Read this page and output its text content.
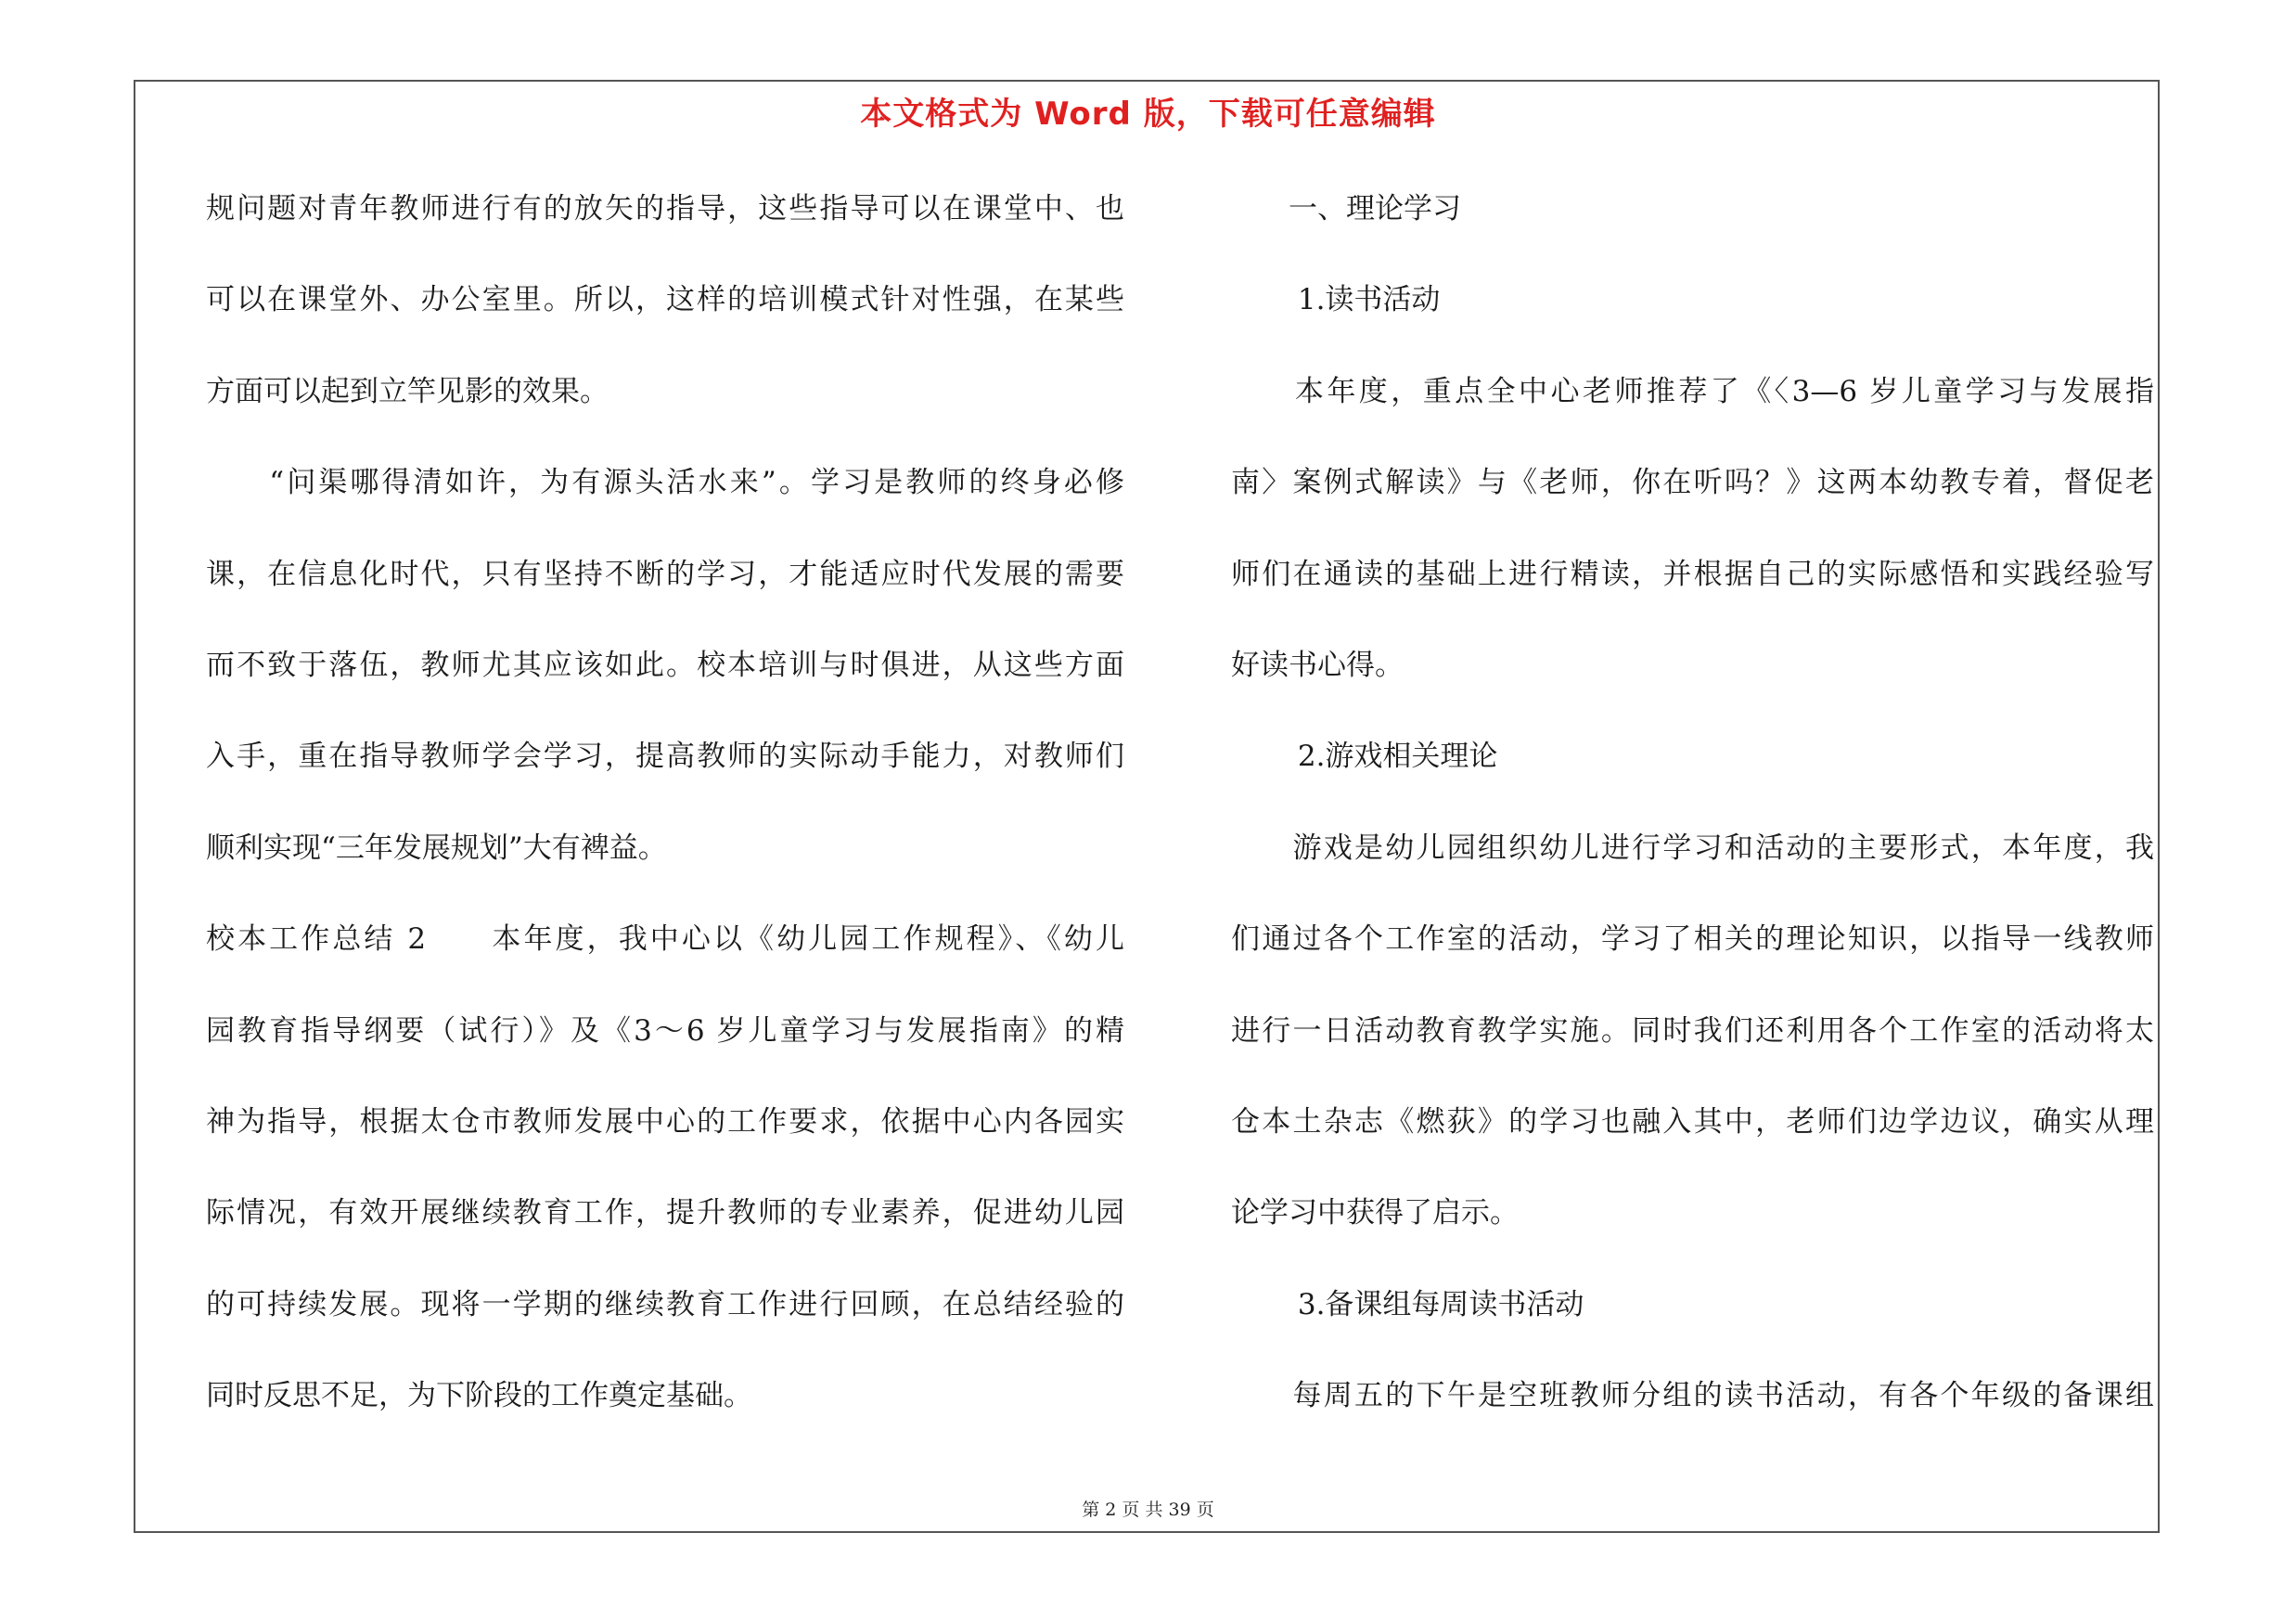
本文格式为 Word 版，下载可任意编辑
规问题对青年教师进行有的放矢的指导，这些指导可以在课堂中、也
可以在课堂外、办公室里。所以，这样的培训模式针对性强，在某些
方面可以起到立竿见影的效果。
　　“问渠哪得清如许，为有源头活水来”。学习是教师的终身必修
课，在信息化时代，只有坚持不断的学习，才能适应时代发展的需要
而不致于落伍，教师尤其应该如此。校本培训与时俱进，从这些方面
入手，重在指导教师学会学习，提高教师的实际动手能力，对教师们
顺利实现“三年发展规划”大有裨益。
校本工作总结 2　　本年度，我中心以《幼儿园工作规程》、《幼儿
园教育指导纲要（试行）》及《3～6 岁儿童学习与发展指南》的精
神为指导，根据太仓市教师发展中心的工作要求，依据中心内各园实
际情况，有效开展继续教育工作，提升教师的专业素养，促进幼儿园
的可持续发展。现将一学期的继续教育工作进行回顾，在总结经验的
同时反思不足，为下阶段的工作奠定基础。
　　一、理论学习
　　 1.读书活动
　　本年度，重点全中心老师推荐了《〈3—6 岁儿童学习与发展指
南〉案例式解读》与《老师，你在听吗？》这两本幼教专着，督促老
师们在通读的基础上进行精读，并根据自己的实际感悟和实践经验写
好读书心得。
　　 2.游戏相关理论
　　游戏是幼儿园组织幼儿进行学习和活动的主要形式，本年度，我
们通过各个工作室的活动，学习了相关的理论知识，以指导一线教师
进行一日活动教育教学实施。同时我们还利用各个工作室的活动将太
仓本土杂志《燃荻》的学习也融入其中，老师们边学边议，确实从理
论学习中获得了启示。
　　 3.备课组每周读书活动
　　每周五的下午是空班教师分组的读书活动，有各个年级的备课组
第 2 页 共 39 页
